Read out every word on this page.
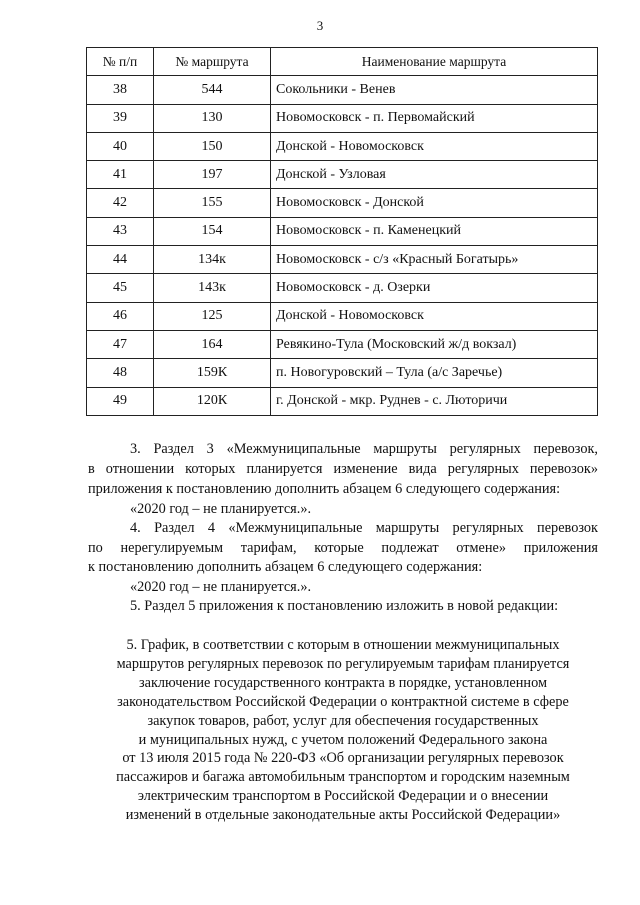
3
№ п/п	№ маршрута	Наименование маршрута
38	544	Сокольники - Венев
39	130	Новомосковск - п. Первомайский
40	150	Донской - Новомосковск
41	197	Донской - Узловая
42	155	Новомосковск - Донской
43	154	Новомосковск - п. Каменецкий
44	134к	Новомосковск - с/з «Красный Богатырь»
45	143к	Новомосковск - д. Озерки
46	125	Донской - Новомосковск
47	164	Ревякино-Тула (Московский ж/д вокзал)
48	159К	п. Новогуровский – Тула (а/с Заречье)
49	120К	г. Донской - мкр. Руднев - с. Люторичи
3. Раздел 3 «Межмуниципальные маршруты регулярных перевозок,
в отношении которых планируется изменение вида регулярных перевозок»
приложения к постановлению дополнить абзацем 6 следующего содержания:
«2020 год – не планируется.».
4. Раздел 4 «Межмуниципальные маршруты регулярных перевозок
по нерегулируемым тарифам, которые подлежат отмене» приложения
к постановлению дополнить абзацем 6 следующего содержания:
«2020 год – не планируется.».
5. Раздел 5 приложения к постановлению изложить в новой редакции:
5. График, в соответствии с которым в отношении межмуниципальных
маршрутов регулярных перевозок по регулируемым тарифам планируется
заключение государственного контракта в порядке, установленном
законодательством Российской Федерации о контрактной системе в сфере
закупок товаров, работ, услуг для обеспечения государственных
и муниципальных нужд, с учетом положений Федерального закона
от 13 июля 2015 года № 220-ФЗ «Об организации регулярных перевозок
пассажиров и багажа автомобильным транспортом и городским наземным
электрическим транспортом в Российской Федерации и о внесении
изменений в отдельные законодательные акты Российской Федерации»
